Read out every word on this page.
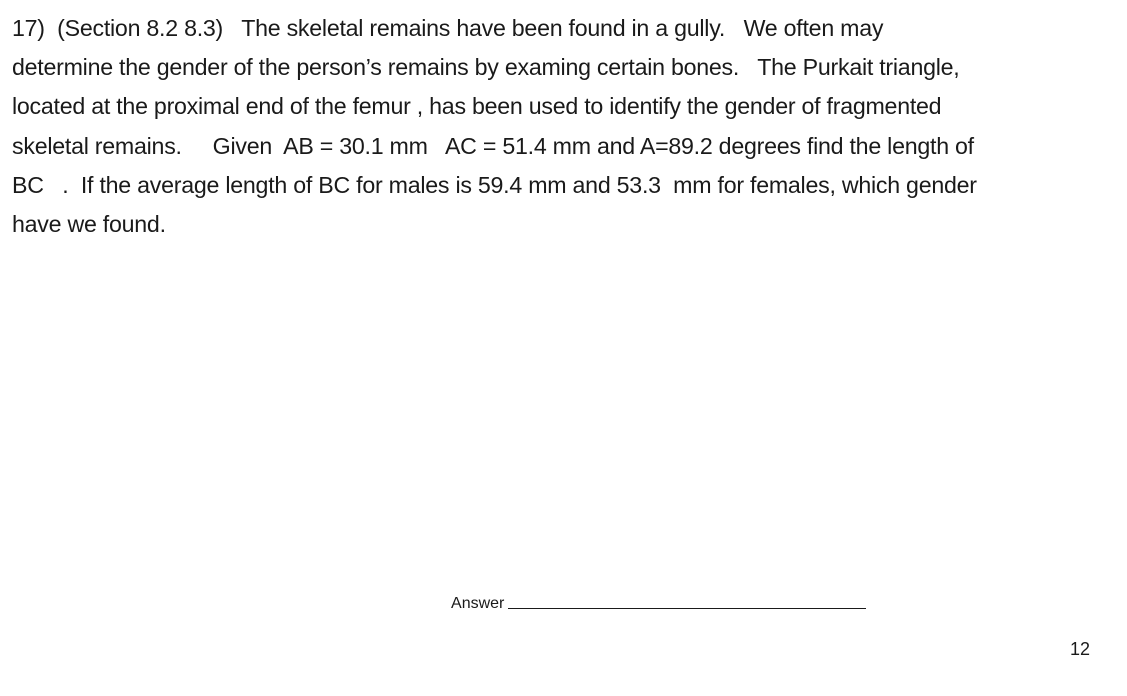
17)  (Section 8.2 8.3)   The skeletal remains have been found in a gully.   We often may

determine the gender of the person’s remains by examing certain bones.   The Purkait triangle,

located at the proximal end of the femur , has been used to identify the gender of fragmented

skeletal remains.     Given  AB = 30.1 mm   AC = 51.4 mm and A=89.2 degrees find the length of

BC   .  If the average length of BC for males is 59.4 mm and 53.3  mm for females, which gender

have we found.

Answer

12
